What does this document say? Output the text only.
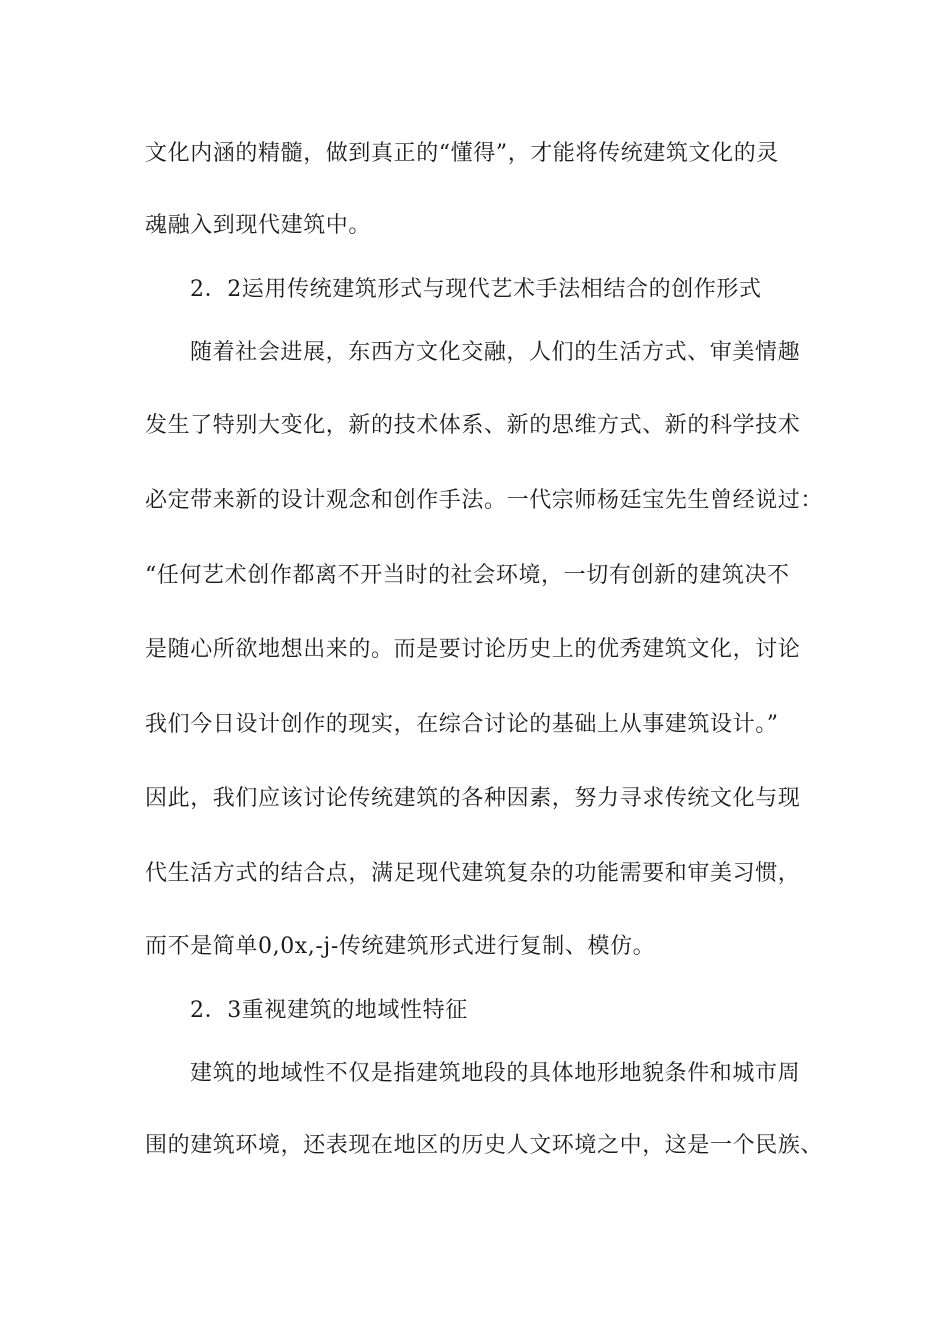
文化内涵的精髓，做到真正的“懂得”，才能将传统建筑文化的灵
魂融入到现代建筑中。
2．2运用传统建筑形式与现代艺术手法相结合的创作形式
随着社会进展，东西方文化交融，人们的生活方式、审美情趣
发生了特别大变化，新的技术体系、新的思维方式、新的科学技术
必定带来新的设计观念和创作手法。一代宗师杨廷宝先生曾经说过：
“任何艺术创作都离不开当时的社会环境，一切有创新的建筑决不
是随心所欲地想出来的。而是要讨论历史上的优秀建筑文化，讨论
我们今日设计创作的现实，在综合讨论的基础上从事建筑设计。”
因此，我们应该讨论传统建筑的各种因素，努力寻求传统文化与现
代生活方式的结合点，满足现代建筑复杂的功能需要和审美习惯，
而不是简单0,0x,-j-传统建筑形式进行复制、模仿。
2．3重视建筑的地域性特征
建筑的地域性不仅是指建筑地段的具体地形地貌条件和城市周
围的建筑环境，还表现在地区的历史人文环境之中，这是一个民族、
